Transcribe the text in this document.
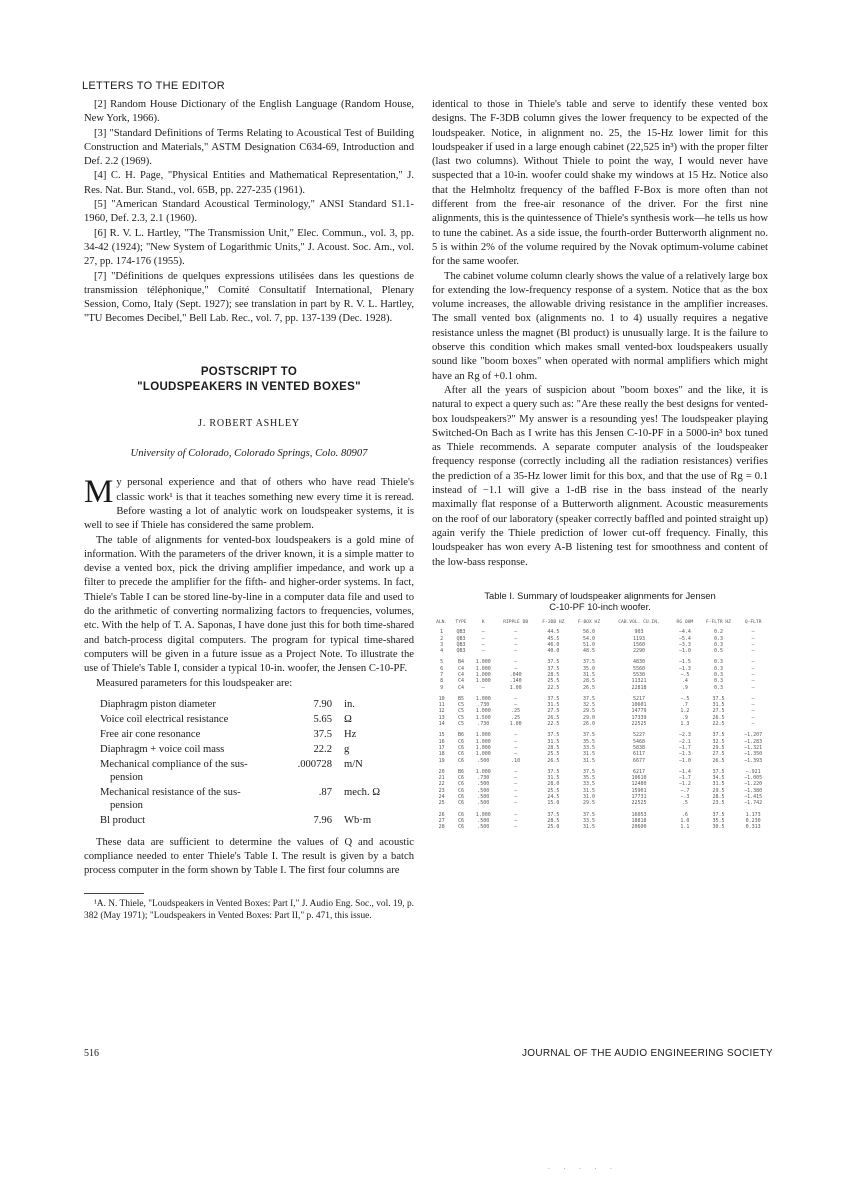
LETTERS TO THE EDITOR

[2] Random House Dictionary of the English Language (Random House, New York, 1966).

[3] "Standard Definitions of Terms Relating to Acoustical Test of Building Construction and Materials," ASTM Designation C634-69, Introduction and Def. 2.2 (1969).

[4] C. H. Page, "Physical Entities and Mathematical Representation," J. Res. Nat. Bur. Stand., vol. 65B, pp. 227-235 (1961).

[5] "American Standard Acoustical Terminology," ANSI Standard S1.1-1960, Def. 2.3, 2.1 (1960).

[6] R. V. L. Hartley, "The Transmission Unit," Elec. Commun., vol. 3, pp. 34-42 (1924); "New System of Logarithmic Units," J. Acoust. Soc. Am., vol. 27, pp. 174-176 (1955).

[7] "Définitions de quelques expressions utilisées dans les questions de transmission téléphonique," Comité Consultatif International, Plenary Session, Como, Italy (Sept. 1927); see translation in part by R. V. L. Hartley, "TU Becomes Decibel," Bell Lab. Rec., vol. 7, pp. 137-139 (Dec. 1928).

POSTSCRIPT TO
"LOUDSPEAKERS IN VENTED BOXES"
J. ROBERT ASHLEY
University of Colorado, Colorado Springs, Colo. 80907

My personal experience and that of others who have read Thiele's classic work¹ is that it teaches something new every time it is reread. Before wasting a lot of analytic work on loudspeaker systems, it is well to see if Thiele has considered the same problem.

The table of alignments for vented-box loudspeakers is a gold mine of information. With the parameters of the driver known, it is a simple matter to devise a vented box, pick the driving amplifier impedance, and work up a filter to precede the amplifier for the fifth- and higher-order systems. In fact, Thiele's Table I can be stored line-by-line in a computer data file and used to do the arithmetic of converting normalizing factors to frequencies, volumes, etc. With the help of T. A. Saponas, I have done just this for both time-shared and batch-process digital computers. The program for typical time-shared computers will be given in a future issue as a Project Note. To illustrate the use of Thiele's Table I, consider a typical 10-in. woofer, the Jensen C-10-PF.

Measured parameters for this loudspeaker are:

Diaphragm piston diameter	7.90	in.
Voice coil electrical resistance	5.65	Ω
Free air cone resonance	37.5	Hz
Diaphragm + voice coil mass	22.2	g
Mechanical compliance of the sus-
pension	.000728	m/N
Mechanical resistance of the sus-
pension	.87	mech. Ω
Bl product	7.96	Wb·m

These data are sufficient to determine the values of Q and acoustic compliance needed to enter Thiele's Table I. The result is given by a batch process computer in the form shown by Table I. The first four columns are

¹A. N. Thiele, "Loudspeakers in Vented Boxes: Part I," J. Audio Eng. Soc., vol. 19, p. 382 (May 1971); "Loudspeakers in Vented Boxes: Part II," p. 471, this issue.

identical to those in Thiele's table and serve to identify these vented box designs. The F-3DB column gives the lower frequency to be expected of the loudspeaker. Notice, in alignment no. 25, the 15-Hz lower limit for this loudspeaker if used in a large enough cabinet (22,525 in³) with the proper filter (last two columns). Without Thiele to point the way, I would never have suspected that a 10-in. woofer could shake my windows at 15 Hz. Notice also that the Helmholtz frequency of the baffled F-Box is more often than not different from the free-air resonance of the driver. For the first nine alignments, this is the quintessence of Thiele's synthesis work—he tells us how to tune the cabinet. As a side issue, the fourth-order Butterworth alignment no. 5 is within 2% of the volume required by the Novak optimum-volume cabinet for the same woofer.

The cabinet volume column clearly shows the value of a relatively large box for extending the low-frequency response of a system. Notice that as the box volume increases, the allowable driving resistance in the amplifier increases. The small vented box (alignments no. 1 to 4) usually requires a negative resistance unless the magnet (Bl product) is unusually large. It is the failure to observe this condition which makes small vented-box loudspeakers usually sound like "boom boxes" when operated with normal amplifiers which might have an Rg of +0.1 ohm.

After all the years of suspicion about "boom boxes" and the like, it is natural to expect a query such as: "Are these really the best designs for vented-box loudspeakers?" My answer is a resounding yes! The loudspeaker playing Switched-On Bach as I write has this Jensen C-10-PF in a 5000-in³ box tuned as Thiele recommends. A separate computer analysis of the loudspeaker frequency response (correctly including all the radiation resistances) verifies the prediction of a 35-Hz lower limit for this box, and that the use of Rg = 0.1 instead of −1.1 will give a 1-dB rise in the bass instead of the nearly maximally flat response of a Butterworth alignment. Acoustic measurements on the roof of our laboratory (speaker correctly baffled and pointed straight up) again verify the Thiele prediction of lower cut-off frequency. Finally, this loudspeaker has won every A-B listening test for smoothness and content of the low-bass response.

Table I. Summary of loudspeaker alignments for Jensen
C-10-PF 10-inch woofer.
ALN.	TYPE	K	RIPPLE DB	F-3DB HZ	F-BOX HZ	CAB.VOL. CU.IN.	RG OHM	F-FLTR HZ	Q-FLTR
1	QB3	—	—	44.5	56.0	903	−4.4	0.2	—
2	QB3	—	—	45.5	54.0	1193	−5.4	0.3	—
3	QB3	—	—	46.0	51.0	1560	−3.3	0.3	—
4	QB3	—	—	40.0	48.5	2290	−1.0	0.5	—
5	B4	1.000	—	37.5	37.5	4830	−1.5	0.3	—
6	C4	1.000	—	37.5	35.0	5560	−1.3	0.3	—
7	C4	1.000	.040	28.5	31.5	5530	−.5	0.3	—
8	C4	1.000	.140	25.5	28.5	11321	.4	0.3	—
9	C4	—	1.00	22.5	26.5	22818	.9	0.3	—
10	B5	1.000	—	37.5	37.5	5217	−.5	37.5	—
11	C5	.730	—	31.5	32.5	10601	.7	31.5	—
12	C5	1.000	.25	27.5	29.5	14779	1.2	27.5	—
13	C5	1.500	.25	26.5	29.0	17339	.9	26.5	—
14	C5	.730	1.00	22.5	26.0	22525	1.3	22.5	—
15	B6	1.000	—	37.5	37.5	5227	−2.3	37.5	−1.207
16	C6	1.000	—	31.5	35.5	5468	−2.1	32.5	−1.283
17	C6	1.000	—	28.5	33.5	5838	−1.7	29.5	−1.321
18	C6	1.000	—	25.5	31.5	6117	−1.3	27.5	−1.350
19	C6	.500	.10	26.5	31.5	6677	−1.0	26.5	−1.393
20	B6	1.000	—	37.5	37.5	6217	−1.4	37.5	−.921
21	C6	.730	—	31.5	35.5	10610	−1.7	34.5	−1.005
22	C6	.500	—	28.0	33.5	12480	−1.2	31.5	−1.220
23	C6	.500	—	25.5	31.5	15901	−.7	29.5	−1.380
24	C6	.500	—	24.5	31.0	17731	−.3	28.5	−1.415
25	C6	.500	—	15.0	29.5	22525	.5	23.5	−1.742
26	C6	1.000	—	37.5	37.5	16053	.6	37.5	1.173
27	C6	.500	—	28.5	33.5	18818	1.0	35.5	0.230
28	C6	.500	—	25.0	31.5	20600	1.1	30.5	0.313
516	JOURNAL OF THE AUDIO ENGINEERING SOCIETY
. . . . .
